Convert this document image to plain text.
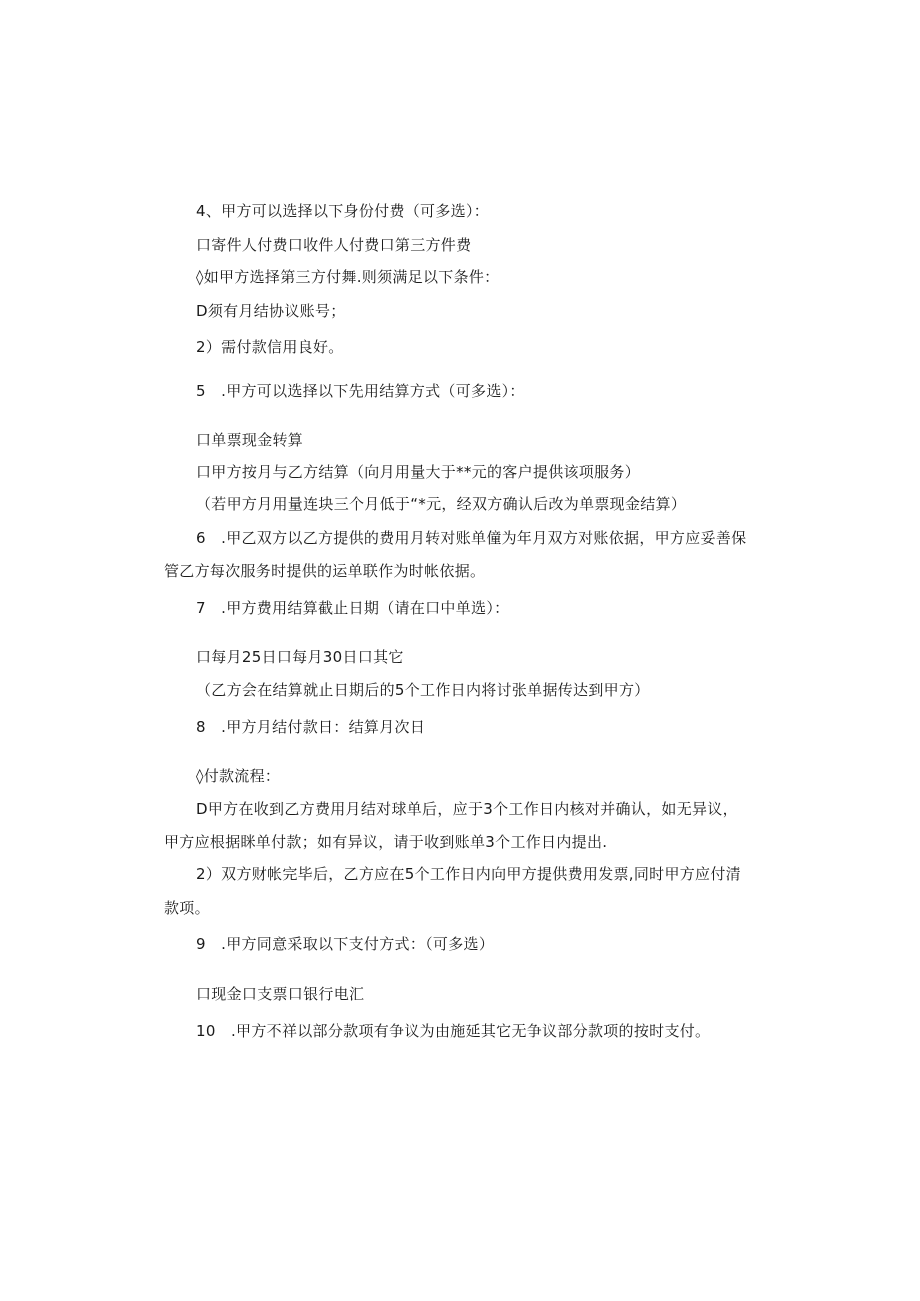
4、甲方可以选择以下身份付费（可多选）：
口寄件人付费口收件人付费口第三方件费
◊如甲方选择第三方付舞.则须满足以下条件：
D须有月结协议账号；
2）需付款信用良好。
5　.甲方可以选择以下先用结算方式（可多选）：
口单票现金转算
口甲方按月与乙方结算（向月用量大于**元的客户提供该项服务）
（若甲方月用量连块三个月低于“*元，经双方确认后改为单票现金结算）
6　.甲乙双方以乙方提供的费用月转对账单僮为年月双方对账依据，甲方应妥善保
管乙方每次服务时提供的运单联作为时帐依据。
7　.甲方费用结算截止日期（请在口中单选）：
口每月25日口每月30日口其它
（乙方会在结算就止日期后的5个工作日内将讨张单据传达到甲方）
8　.甲方月结付款日：结算月次日
◊付款流程：
D甲方在收到乙方费用月结对球单后，应于3个工作日内核对并确认，如无异议，
甲方应根据眯单付款；如有异议，请于收到账单3个工作日内提出.
2）双方财帐完毕后，乙方应在5个工作日内向甲方提供费用发票,同时甲方应付清
款项。
9　.甲方同意采取以下支付方式：（可多选）
口现金口支票口银行电汇
10　.甲方不祥以部分款项有争议为由施延其它无争议部分款项的按时支付。
